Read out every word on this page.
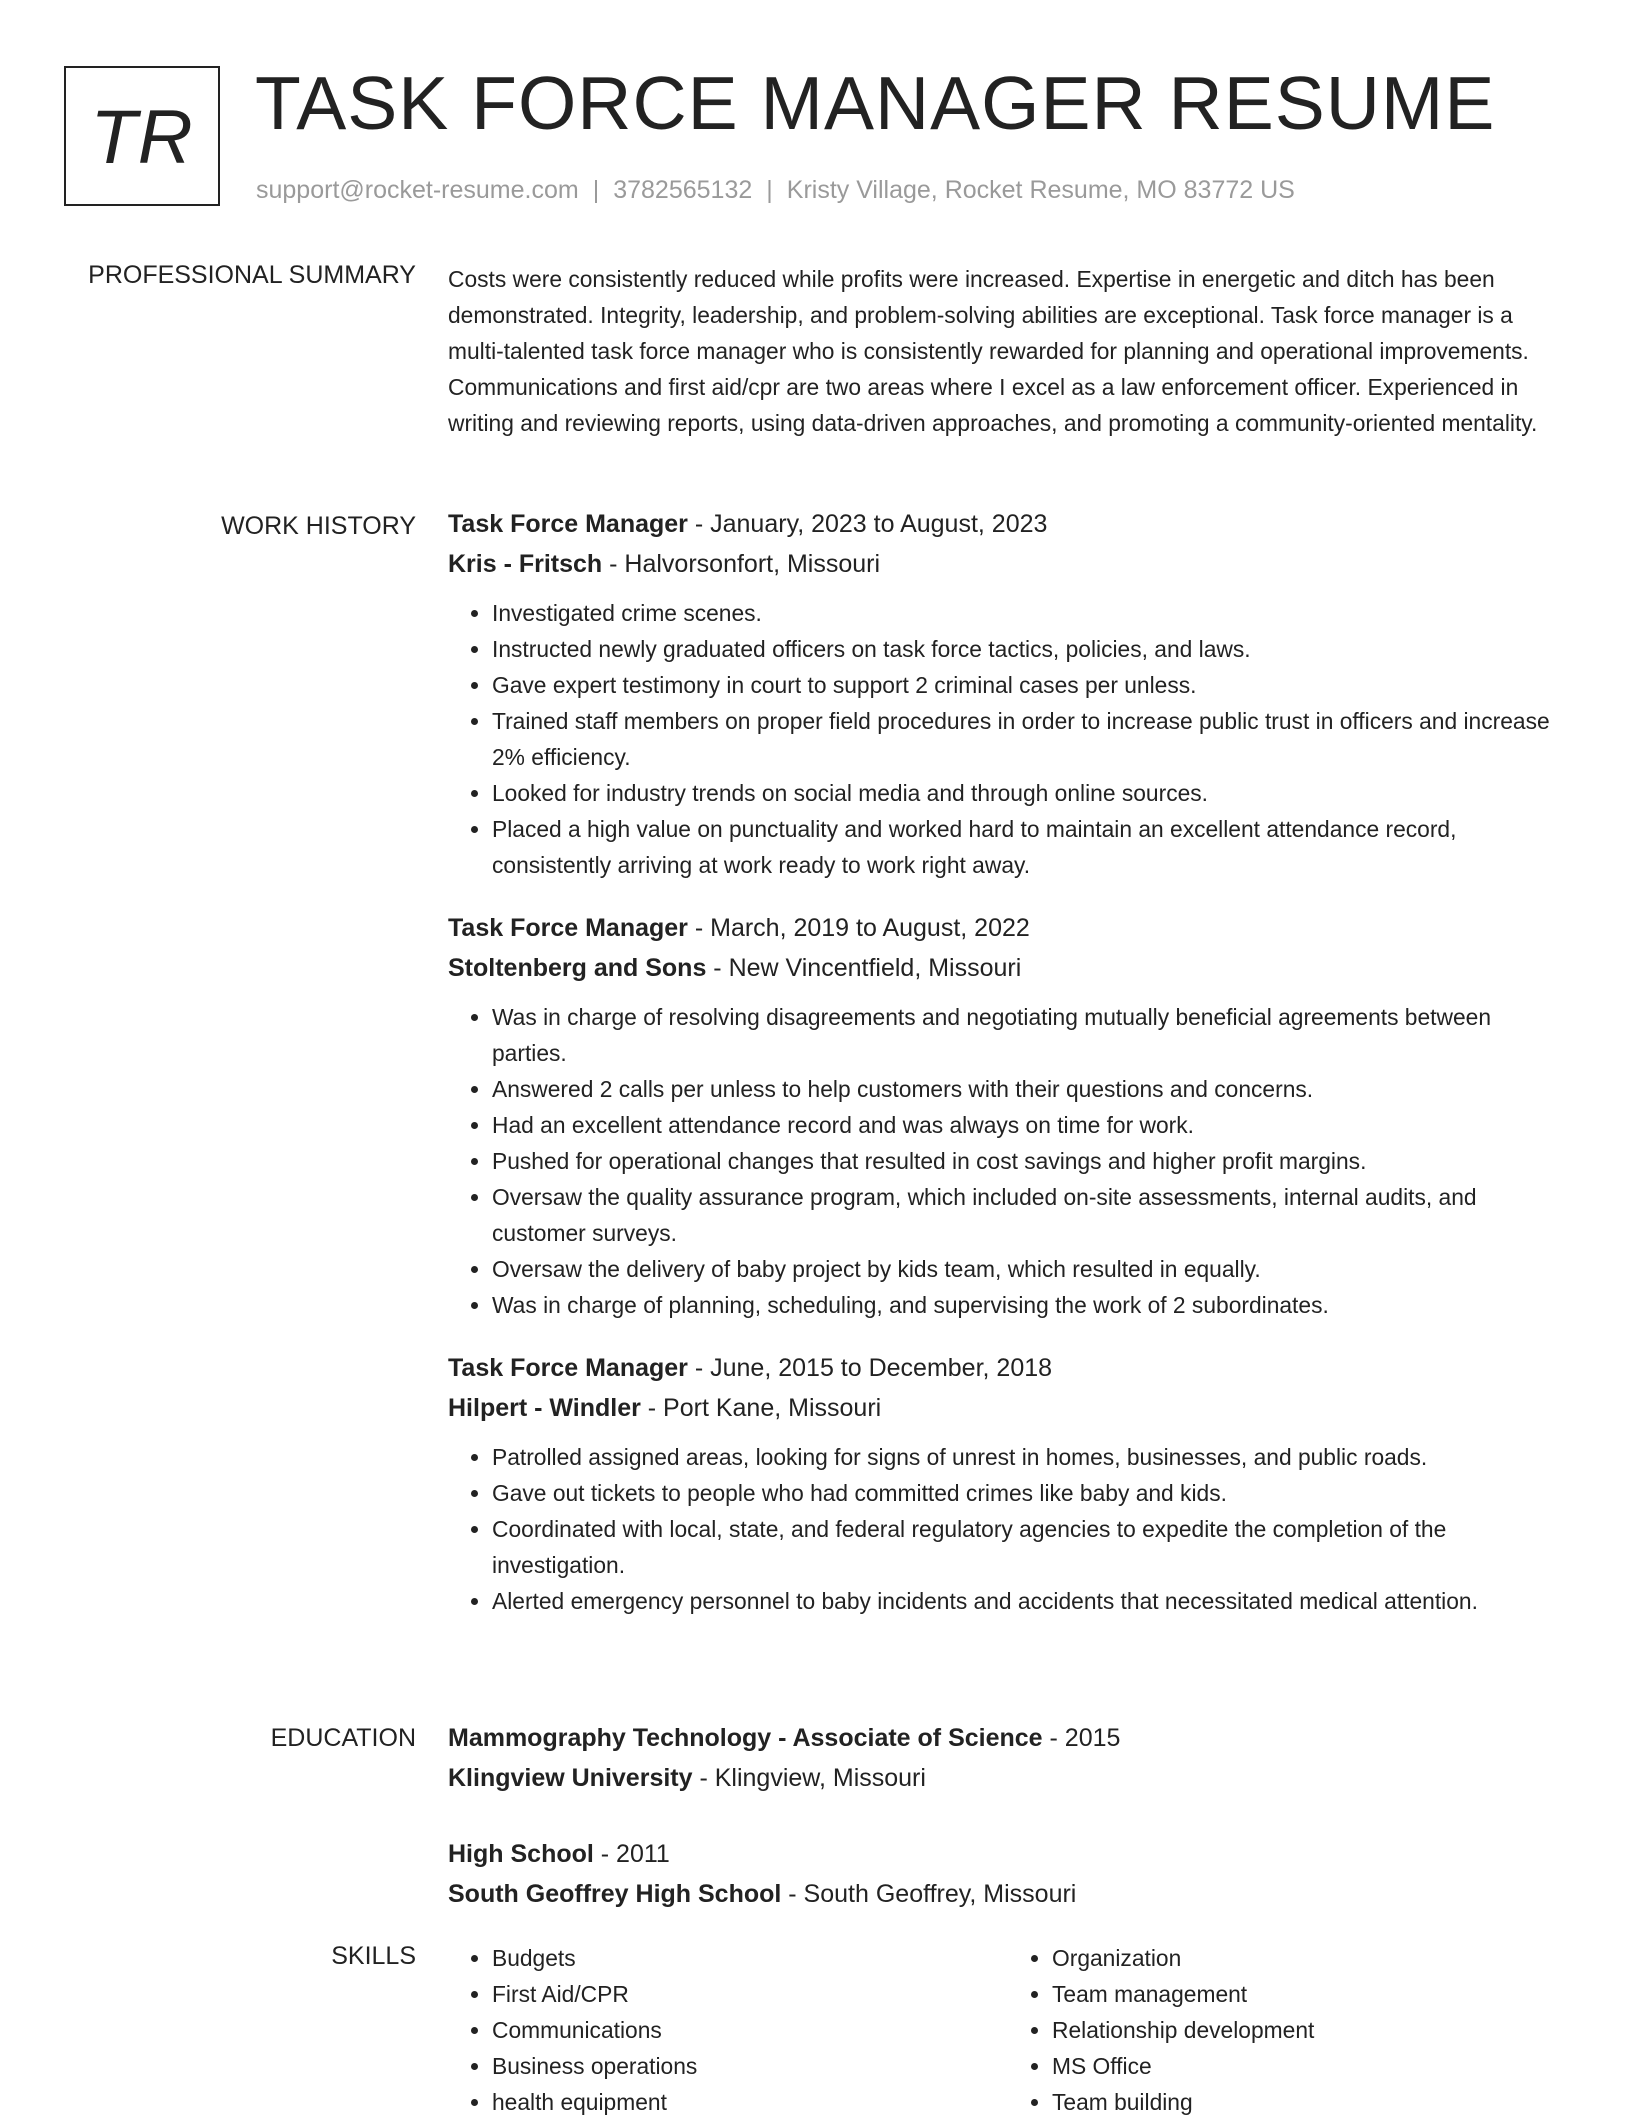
TR TASK FORCE MANAGER RESUME
support@rocket-resume.com | 3782565132 | Kristy Village, Rocket Resume, MO 83772 US
PROFESSIONAL SUMMARY Costs were consistently reduced while profits were increased. Expertise in energetic and ditch has been demonstrated. Integrity, leadership, and problem-solving abilities are exceptional. Task force manager is a multi-talented task force manager who is consistently rewarded for planning and operational improvements. Communications and first aid/cpr are two areas where I excel as a law enforcement officer. Experienced in writing and reviewing reports, using data-driven approaches, and promoting a community-oriented mentality.

WORK HISTORY Task Force Manager - January, 2023 to August, 2023
Kris - Fritsch - Halvorsonfort, Missouri
• Investigated crime scenes.
• Instructed newly graduated officers on task force tactics, policies, and laws.
• Gave expert testimony in court to support 2 criminal cases per unless.
• Trained staff members on proper field procedures in order to increase public trust in officers and increase 2% efficiency.
• Looked for industry trends on social media and through online sources.
• Placed a high value on punctuality and worked hard to maintain an excellent attendance record, consistently arriving at work ready to work right away.
Task Force Manager - March, 2019 to August, 2022
Stoltenberg and Sons - New Vincentfield, Missouri
• Was in charge of resolving disagreements and negotiating mutually beneficial agreements between parties.
• Answered 2 calls per unless to help customers with their questions and concerns.
• Had an excellent attendance record and was always on time for work.
• Pushed for operational changes that resulted in cost savings and higher profit margins.
• Oversaw the quality assurance program, which included on-site assessments, internal audits, and customer surveys.
• Oversaw the delivery of baby project by kids team, which resulted in equally.
• Was in charge of planning, scheduling, and supervising the work of 2 subordinates.
Task Force Manager - June, 2015 to December, 2018
Hilpert - Windler - Port Kane, Missouri
• Patrolled assigned areas, looking for signs of unrest in homes, businesses, and public roads.
• Gave out tickets to people who had committed crimes like baby and kids.
• Coordinated with local, state, and federal regulatory agencies to expedite the completion of the investigation.
• Alerted emergency personnel to baby incidents and accidents that necessitated medical attention.
EDUCATION Mammography Technology - Associate of Science - 2015
Klingview University - Klingview, Missouri
High School - 2011
South Geoffrey High School - South Geoffrey, Missouri
SKILLS
•	Budgets
• First Aid/CPR
• Communications
• Business operations
• health equipment
• Organization
• Team management
• Relationship development
• MS Office
• Team building
